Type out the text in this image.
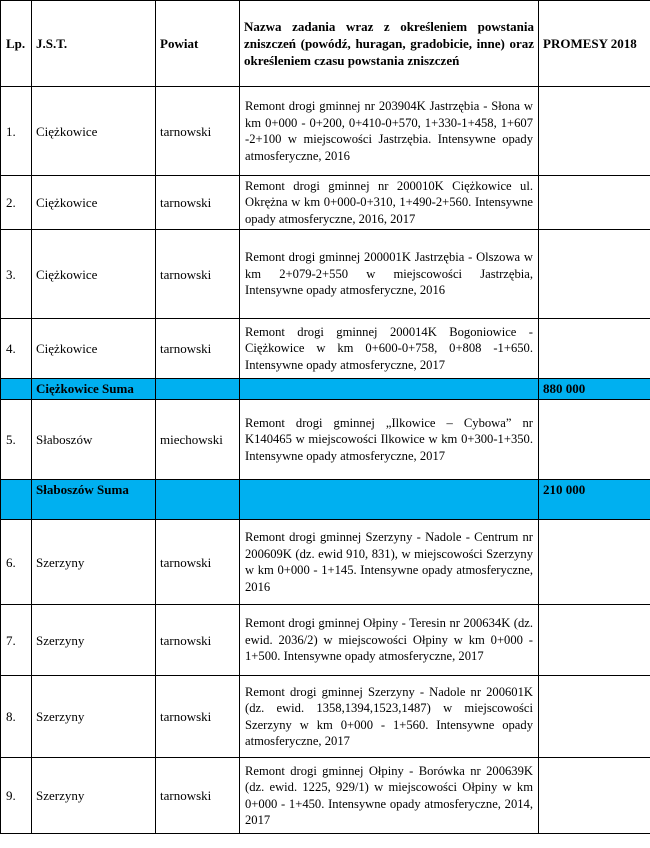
Lp.	J.S.T.	Powiat	Nazwa zadania wraz z określeniem powstania zniszczeń (powódź, huragan, gradobicie, inne) oraz określeniem czasu powstania zniszczeń	PROMESY 2018
1.	Ciężkowice	tarnowski	Remont drogi gminnej nr 203904K Jastrzębia - Słona w km 0+000 - 0+200, 0+410-0+570, 1+330-1+458, 1+607 -2+100 w miejscowości Jastrzębia. Intensywne opady atmosferyczne, 2016	
2.	Ciężkowice	tarnowski	Remont drogi gminnej nr 200010K Ciężkowice ul. Okrężna w km 0+000-0+310, 1+490-2+560. Intensywne opady atmosferyczne, 2016, 2017	
3.	Ciężkowice	tarnowski	Remont drogi gminnej 200001K Jastrzębia - Olszowa w km 2+079-2+550 w miejscowości Jastrzębia, Intensywne opady atmosferyczne, 2016	
4.	Ciężkowice	tarnowski	Remont drogi gminnej 200014K Bogoniowice - Ciężkowice w km 0+600-0+758, 0+808 -1+650. Intensywne opady atmosferyczne, 2017	
	Ciężkowice Suma			880 000
5.	Słaboszów	miechowski	Remont drogi gminnej „Ilkowice – Cybowa” nr K140465 w miejscowości Ilkowice w km 0+300-1+350. Intensywne opady atmosferyczne, 2017	
	Słaboszów Suma			210 000
6.	Szerzyny	tarnowski	Remont drogi gminnej Szerzyny - Nadole - Centrum nr 200609K (dz. ewid 910, 831), w miejscowości Szerzyny w km 0+000 - 1+145. Intensywne opady atmosferyczne, 2016	
7.	Szerzyny	tarnowski	Remont drogi gminnej Ołpiny - Teresin nr 200634K (dz. ewid. 2036/2) w miejscowości Ołpiny w km 0+000 - 1+500. Intensywne opady atmosferyczne, 2017	
8.	Szerzyny	tarnowski	Remont drogi gminnej Szerzyny - Nadole nr 200601K (dz. ewid. 1358,1394,1523,1487) w miejscowości Szerzyny w km 0+000 - 1+560. Intensywne opady atmosferyczne, 2017	
9.	Szerzyny	tarnowski	Remont drogi gminnej Ołpiny - Borówka nr 200639K (dz. ewid. 1225, 929/1) w miejscowości Ołpiny w km 0+000 - 1+450. Intensywne opady atmosferyczne, 2014, 2017	
